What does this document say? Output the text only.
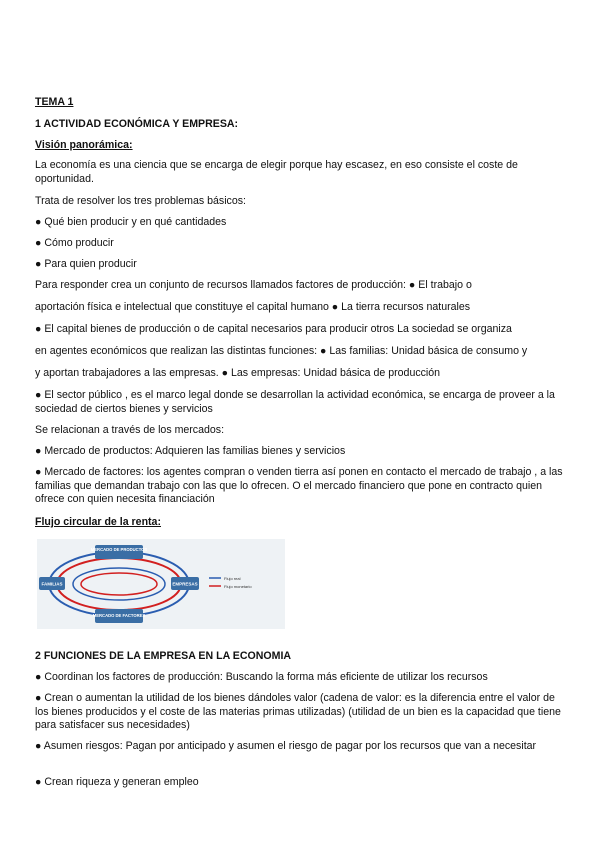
TEMA 1

1 ACTIVIDAD ECONÓMICA Y EMPRESA:

Visión panorámica:

La economía es una ciencia que se encarga de elegir porque hay escasez, en eso consiste el coste de oportunidad.

Trata de resolver los tres problemas básicos:

● Qué bien producir y en qué cantidades

● Cómo producir

● Para quien producir

Para responder crea un conjunto de recursos llamados factores de producción: ● El trabajo o

aportación física e intelectual que constituye el capital humano ● La tierra recursos naturales

● El capital bienes de producción o de capital necesarios para producir otros La sociedad se organiza

en agentes económicos que realizan las distintas funciones: ● Las familias: Unidad básica de consumo y

y aportan trabajadores a las empresas. ● Las empresas: Unidad básica de producción

● El sector público , es el marco legal donde se desarrollan la actividad económica, se encarga de proveer a la sociedad de ciertos bienes y servicios

Se relacionan a través de los mercados:

● Mercado de productos: Adquieren las familias bienes y servicios

● Mercado de factores: los agentes compran o venden tierra así ponen en contacto el mercado de trabajo , a las familias que demandan trabajo con las que lo ofrecen. O el mercado financiero que pone en contracto quien ofrece con quien necesita financiación

Flujo circular de la renta:

MERCADO DE PRODUCTOS
MERCADO DE FACTORES
FAMILIAS	EMPRESAS
Flujo real
Flujo monetario

2 FUNCIONES DE LA EMPRESA EN LA ECONOMIA

● Coordinan los factores de producción: Buscando la forma más eficiente de utilizar los recursos

● Crean o aumentan la utilidad de los bienes dándoles valor (cadena de valor: es la diferencia entre el valor de los bienes producidos y el coste de las materias primas utilizadas) (utilidad de un bien es la capacidad que tiene para satisfacer sus necesidades)

● Asumen riesgos: Pagan por anticipado y asumen el riesgo de pagar por los recursos que van a necesitar

● Crean riqueza y generan empleo
